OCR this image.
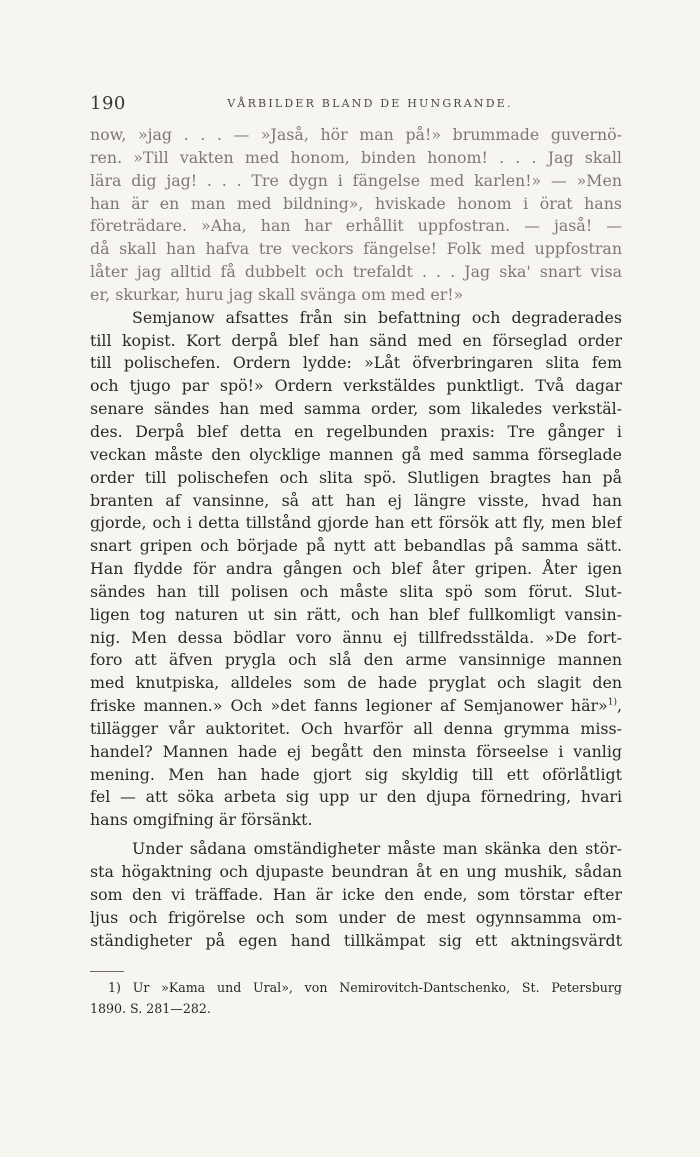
190	VÅRBILDER BLAND DE HUNGRANDE.
now, »jag . . . — »Jaså, hör man på!» brummade guvernö-
ren. »Till vakten med honom, binden honom! . . . Jag skall
lära dig jag! . . . Tre dygn i fängelse med karlen!» — »Men
han är en man med bildning», hviskade honom i örat hans
företrädare. »Aha, han har erhållit uppfostran. — jaså! —
då skall han hafva tre veckors fängelse! Folk med uppfostran
låter jag alltid få dubbelt och trefaldt . . . Jag ska' snart visa
er, skurkar, huru jag skall svänga om med er!»
Semjanow afsattes från sin befattning och degraderades
till kopist. Kort derpå blef han sänd med en förseglad order
till polischefen. Ordern lydde: »Låt öfverbringaren slita fem
och tjugo par spö!» Ordern verkstäldes punktligt. Två dagar
senare sändes han med samma order, som likaledes verkstäl-
des. Derpå blef detta en regelbunden praxis: Tre gånger i
veckan måste den olycklige mannen gå med samma förseglade
order till polischefen och slita spö. Slutligen bragtes han på
branten af vansinne, så att han ej längre visste, hvad han
gjorde, och i detta tillstånd gjorde han ett försök att fly, men blef
snart gripen och började på nytt att bebandlas på samma sätt.
Han flydde för andra gången och blef åter gripen. Åter igen
sändes han till polisen och måste slita spö som förut. Slut-
ligen tog naturen ut sin rätt, och han blef fullkomligt vansin-
nig. Men dessa bödlar voro ännu ej tillfredsstälda. »De fort-
foro att äfven prygla och slå den arme vansinnige mannen
med knutpiska, alldeles som de hade pryglat och slagit den
friske mannen.» Och »det fanns legioner af Semjanower här»$^{1)}$,
tillägger vår auktoritet. Och hvarför all denna grymma miss-
handel? Mannen hade ej begått den minsta förseelse i vanlig
mening. Men han hade gjort sig skyldig till ett oförlåtligt
fel — att söka arbeta sig upp ur den djupa förnedring, hvari
hans omgifning är försänkt.
Under sådana omständigheter måste man skänka den stör-
sta högaktning och djupaste beundran åt en ung mushik, sådan
som den vi träffade. Han är icke den ende, som törstar efter
ljus och frigörelse och som under de mest ogynnsamma om-
ständigheter på egen hand tillkämpat sig ett aktningsvärdt
1) Ur »Kama und Ural», von Nemirovitch-Dantschenko, St. Petersburg
1890. S. 281—282.
